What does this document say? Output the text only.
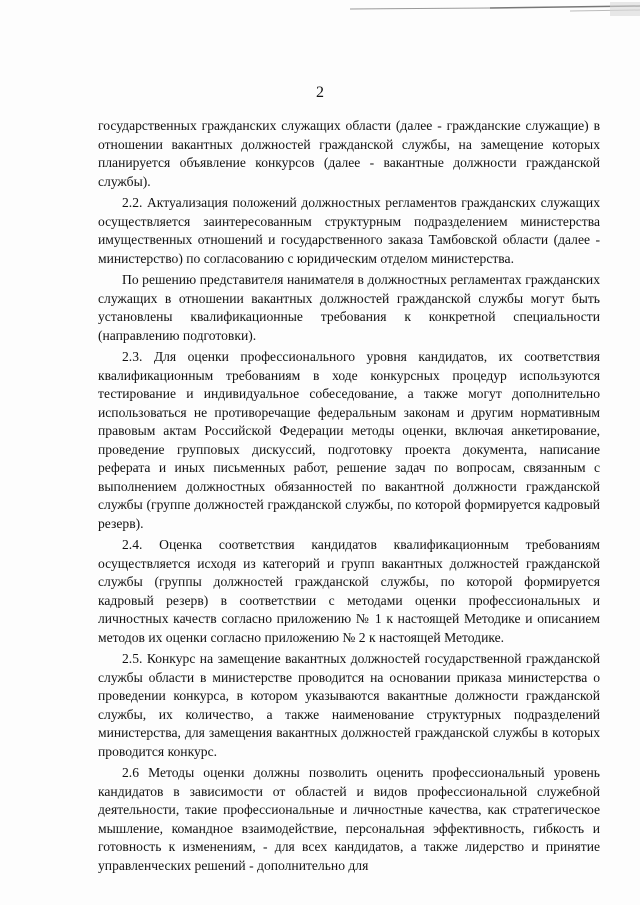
2

государственных гражданских служащих области (далее - гражданские служащие) в отношении вакантных должностей гражданской службы, на замещение которых планируется объявление конкурсов (далее - вакантные должности гражданской службы).

2.2. Актуализация положений должностных регламентов гражданских служащих осуществляется заинтересованным структурным подразделением министерства имущественных отношений и государственного заказа Тамбовской области (далее - министерство) по согласованию с юридическим отделом министерства.

По решению представителя нанимателя в должностных регламентах гражданских служащих в отношении вакантных должностей гражданской службы могут быть установлены квалификационные требования к конкретной специальности (направлению подготовки).

2.3. Для оценки профессионального уровня кандидатов, их соответствия квалификационным требованиям в ходе конкурсных процедур используются тестирование и индивидуальное собеседование, а также могут дополнительно использоваться не противоречащие федеральным законам и другим нормативным правовым актам Российской Федерации методы оценки, включая анкетирование, проведение групповых дискуссий, подготовку проекта документа, написание реферата и иных письменных работ, решение задач по вопросам, связанным с выполнением должностных обязанностей по вакантной должности гражданской службы (группе должностей гражданской службы, по которой формируется кадровый резерв).

2.4. Оценка соответствия кандидатов квалификационным требованиям осуществляется исходя из категорий и групп вакантных должностей гражданской службы (группы должностей гражданской службы, по которой формируется кадровый резерв) в соответствии с методами оценки профессиональных и личностных качеств согласно приложению № 1 к настоящей Методике и описанием методов их оценки согласно приложению № 2 к настоящей Методике.

2.5. Конкурс на замещение вакантных должностей государственной гражданской службы области в министерстве проводится на основании приказа министерства о проведении конкурса, в котором указываются вакантные должности гражданской службы, их количество, а также наименование структурных подразделений министерства, для замещения вакантных должностей гражданской службы в которых проводится конкурс.

2.6 Методы оценки должны позволить оценить профессиональный уровень кандидатов в зависимости от областей и видов профессиональной служебной деятельности, такие профессиональные и личностные качества, как стратегическое мышление, командное взаимодействие, персональная эффективность, гибкость и готовность к изменениям, - для всех кандидатов, а также лидерство и принятие управленческих решений - дополнительно для
